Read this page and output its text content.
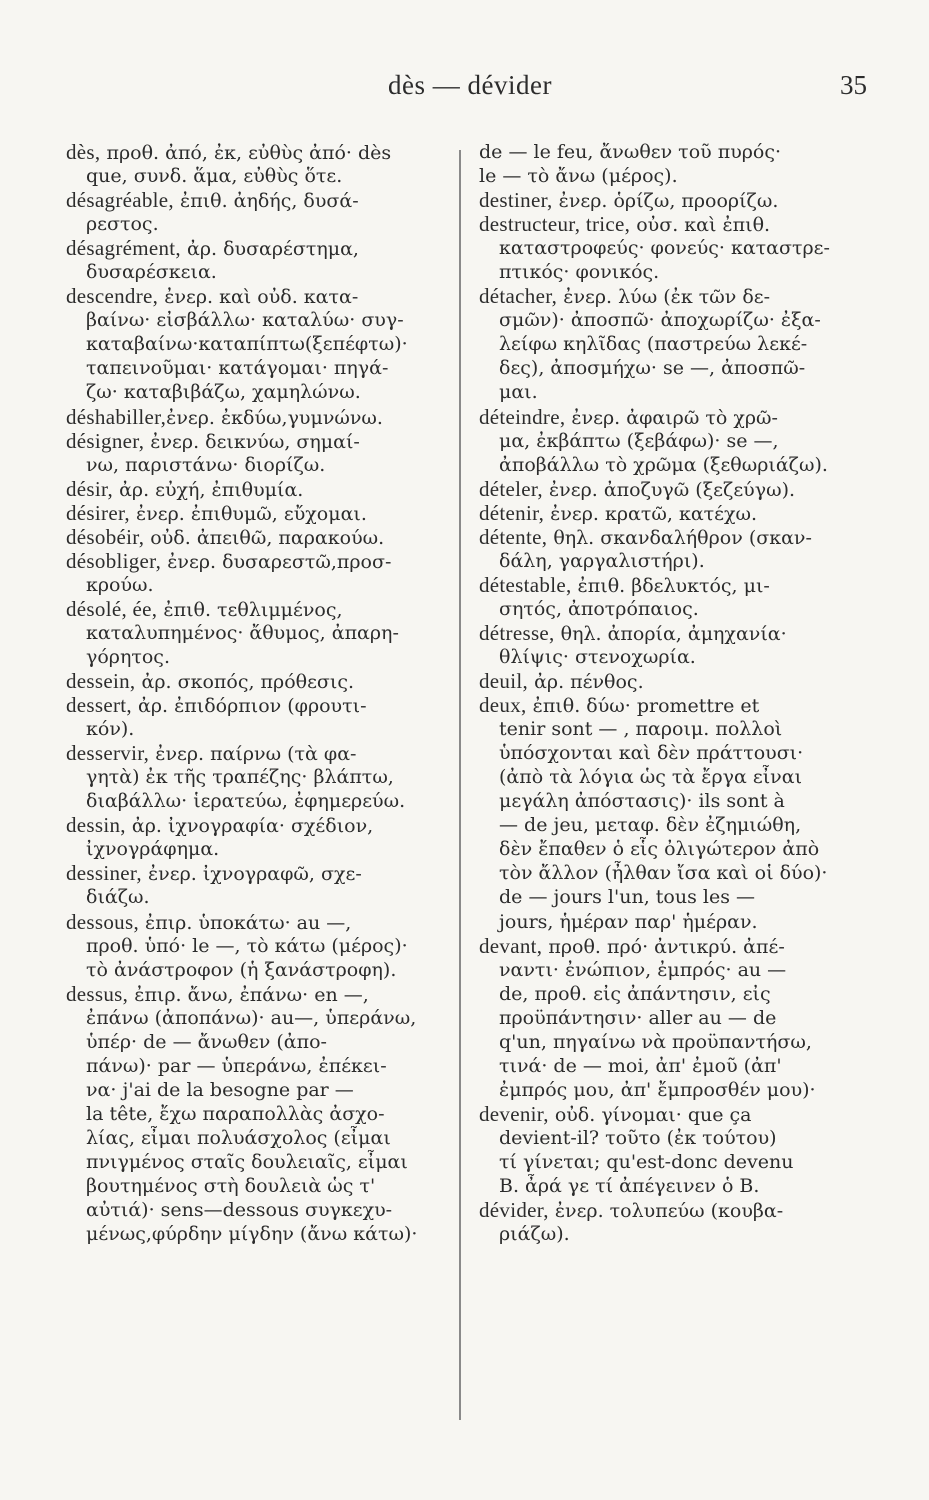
dès — dévider	35
dès, προθ. ἀπό, ἐκ, εὐθὺς ἀπό· dès
que, συνδ. ἅμα, εὐθὺς ὅτε.
désagréable, ἐπιθ. ἀηδής, δυσά-
ρεστος.
désagrément, ἀρ. δυσαρέστημα,
δυσαρέσκεια.
descendre, ἐνερ. καὶ οὐδ. κατα-
βαίνω· εἰσβάλλω· καταλύω· συγ-
καταβαίνω·καταπίπτω(ξεπέφτω)·
ταπεινοῦμαι· κατάγομαι· πηγά-
ζω· καταβιβάζω, χαμηλώνω.
déshabiller,ἐνερ. ἐκδύω,γυμνώνω.
désigner, ἐνερ. δεικνύω, σημαί-
νω, παριστάνω· διορίζω.
désir, ἀρ. εὐχή, ἐπιθυμία.
désirer, ἐνερ. ἐπιθυμῶ, εὔχομαι.
désobéir, οὐδ. ἀπειθῶ, παρακούω.
désobliger, ἐνερ. δυσαρεστῶ,προσ-
κρούω.
désolé, ée, ἐπιθ. τεθλιμμένος,
καταλυπημένος· ἄθυμος, ἀπαρη-
γόρητος.
dessein, ἀρ. σκοπός, πρόθεσις.
dessert, ἀρ. ἐπιδόρπιον (φρουτι-
κόν).
desservir, ἐνερ. παίρνω (τὰ φα-
γητὰ) ἐκ τῆς τραπέζης· βλάπτω,
διαβάλλω· ἱερατεύω, ἐφημερεύω.
dessin, ἀρ. ἰχνογραφία· σχέδιον,
ἰχνογράφημα.
dessiner, ἐνερ. ἰχνογραφῶ, σχε-
διάζω.
dessous, ἐπιρ. ὑποκάτω· au —,
προθ. ὑπό· le —, τὸ κάτω (μέρος)·
τὸ ἀνάστροφον (ἡ ξανάστροφη).
dessus, ἐπιρ. ἄνω, ἐπάνω· en —,
ἐπάνω (ἀποπάνω)· au—, ὑπεράνω,
ὑπέρ· de — ἄνωθεν (ἀπο-
πάνω)· par — ὑπεράνω, ἐπέκει-
να· j'ai de la besogne par —
la tête, ἔχω παραπολλὰς ἀσχο-
λίας, εἶμαι πολυάσχολος (εἶμαι
πνιγμένος σταῖς δουλειαῖς, εἶμαι
βουτημένος στὴ δουλειὰ ὡς τ'
αὐτιά)· sens—dessous συγκεχυ-
μένως,φύρδην μίγδην (ἄνω κάτω)·
de — le feu, ἄνωθεν τοῦ πυρός·
le — τὸ ἄνω (μέρος).
destiner, ἐνερ. ὁρίζω, προορίζω.
destructeur, trice, οὐσ. καὶ ἐπιθ.
καταστροφεύς· φονεύς· καταστρε-
πτικός· φονικός.
détacher, ἐνερ. λύω (ἐκ τῶν δε-
σμῶν)· ἀποσπῶ· ἀποχωρίζω· ἐξα-
λείφω κηλῖδας (παστρεύω λεκέ-
δες), ἀποσμήχω· se —, ἀποσπῶ-
μαι.
déteindre, ἐνερ. ἀφαιρῶ τὸ χρῶ-
μα, ἐκβάπτω (ξεβάφω)· se —,
ἀποβάλλω τὸ χρῶμα (ξεθωριάζω).
dételer, ἐνερ. ἀποζυγῶ (ξεζεύγω).
détenir, ἐνερ. κρατῶ, κατέχω.
détente, θηλ. σκανδαλήθρον (σκαν-
δάλη, γαργαλιστήρι).
détestable, ἐπιθ. βδελυκτός, μι-
σητός, ἀποτρόπαιος.
détresse, θηλ. ἀπορία, ἀμηχανία·
θλίψις· στενοχωρία.
deuil, ἀρ. πένθος.
deux, ἐπιθ. δύω· promettre et
tenir sont — , παροιμ. πολλοὶ
ὑπόσχονται καὶ δὲν πράττουσι·
(ἀπὸ τὰ λόγια ὡς τὰ ἔργα εἶναι
μεγάλη ἀπόστασις)· ils sont à
— de jeu, μεταφ. δὲν ἐζημιώθη,
δὲν ἔπαθεν ὁ εἷς ὀλιγώτερον ἀπὸ
τὸν ἄλλον (ἦλθαν ἴσα καὶ οἱ δύο)·
de — jours l'un, tous les —
jours, ἡμέραν παρ' ἡμέραν.
devant, προθ. πρό· ἀντικρύ. ἀπέ-
ναντι· ἐνώπιον, ἐμπρός· au —
de, προθ. εἰς ἀπάντησιν, εἰς
προϋπάντησιν· aller au — de
q'un, πηγαίνω νὰ προϋπαντήσω,
τινά· de — moi, ἀπ' ἐμοῦ (ἀπ'
ἐμπρός μου, ἀπ' ἔμπροσθέν μου)·
devenir, οὐδ. γίνομαι· que ça
devient-il? τοῦτο (ἐκ τούτου)
τί γίνεται; qu'est-donc devenu
B. ἆρά γε τί ἀπέγεινεν ὁ Β.
dévider, ἐνερ. τολυπεύω (κουβα-
ριάζω).
